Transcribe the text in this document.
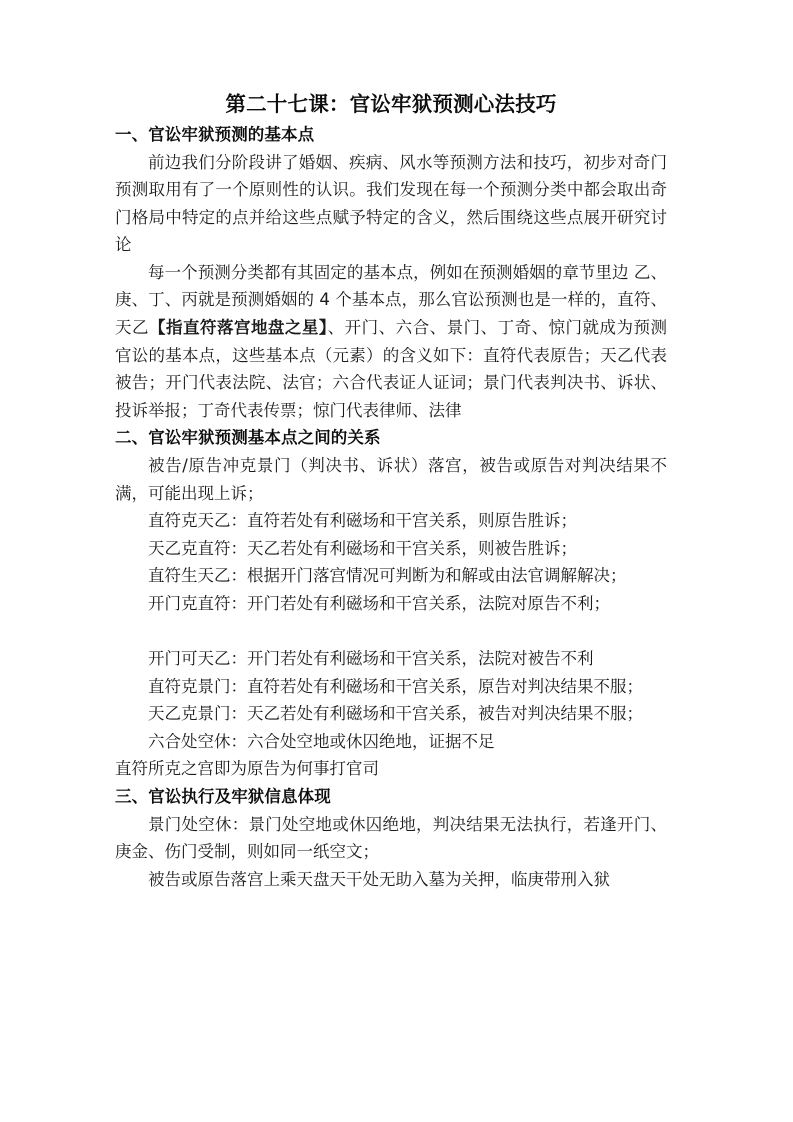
第二十七课：官讼牢狱预测心法技巧
一、官讼牢狱预测的基本点

前边我们分阶段讲了婚姻、疾病、风水等预测方法和技巧，初步对奇门预测取用有了一个原则性的认识。我们发现在每一个预测分类中都会取出奇门格局中特定的点并给这些点赋予特定的含义，然后围绕这些点展开研究讨论

每一个预测分类都有其固定的基本点，例如在预测婚姻的章节里边 乙、庚、丁、丙就是预测婚姻的 4 个基本点，那么官讼预测也是一样的，直符、天乙【指直符落宫地盘之星】、开门、六合、景门、丁奇、惊门就成为预测官讼的基本点，这些基本点（元素）的含义如下：直符代表原告；天乙代表被告；开门代表法院、法官；六合代表证人证词；景门代表判决书、诉状、投诉举报；丁奇代表传票；惊门代表律师、法律

二、官讼牢狱预测基本点之间的关系

被告/原告冲克景门（判决书、诉状）落宫，被告或原告对判决结果不满，可能出现上诉；

直符克天乙：直符若处有利磁场和干宫关系，则原告胜诉；

天乙克直符：天乙若处有利磁场和干宫关系，则被告胜诉；

直符生天乙：根据开门落宫情况可判断为和解或由法官调解解决；

开门克直符：开门若处有利磁场和干宫关系，法院对原告不利；

开门可天乙：开门若处有利磁场和干宫关系，法院对被告不利

直符克景门：直符若处有利磁场和干宫关系，原告对判决结果不服；

天乙克景门：天乙若处有利磁场和干宫关系，被告对判决结果不服；

六合处空休：六合处空地或休囚绝地，证据不足

直符所克之宫即为原告为何事打官司

三、官讼执行及牢狱信息体现

景门处空休：景门处空地或休囚绝地，判决结果无法执行，若逢开门、庚金、伤门受制，则如同一纸空文；

被告或原告落宫上乘天盘天干处无助入墓为关押，临庚带刑入狱
